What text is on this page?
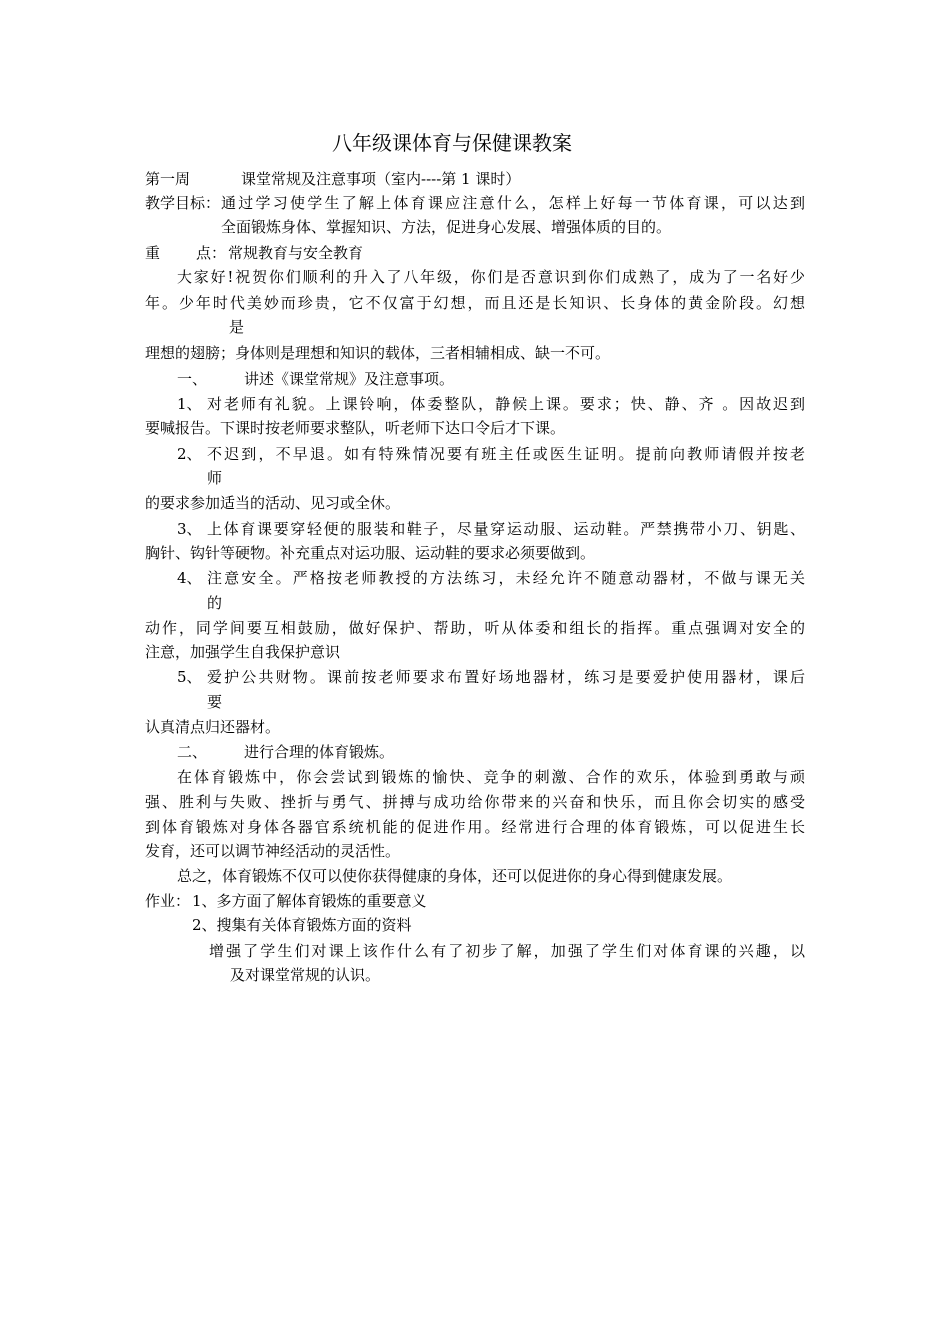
八年级课体育与保健课教案
第一周	课堂常规及注意事项（室内----第 1 课时）
教学目标： 通过学习使学生了解上体育课应注意什么，怎样上好每一节体育课，可以达到
全面锻炼身体、掌握知识、方法，促进身心发展、增强体质的目的。
重 点： 常规教育与安全教育
大家好!祝贺你们顺利的升入了八年级，你们是否意识到你们成熟了，成为了一名好少
年。少年时代美妙而珍贵，它不仅富于幻想，而且还是长知识、长身体的黄金阶段。幻想
是
理想的翅膀；身体则是理想和知识的载体，三者相辅相成、缺一不可。
一、 讲述《课堂常规》及注意事项。
1、 对老师有礼貌。上课铃响，体委整队，静候上课。要求；快、静、齐 。因故迟到
要喊报告。下课时按老师要求整队，听老师下达口令后才下课。
2、 不迟到，不早退。如有特殊情况要有班主任或医生证明。提前向教师请假并按老
师
的要求参加适当的活动、见习或全休。
3、 上体育课要穿轻便的服装和鞋子，尽量穿运动服、运动鞋。严禁携带小刀、钥匙、
胸针、钩针等硬物。补充重点对运功服、运动鞋的要求必须要做到。
4、 注意安全。严格按老师教授的方法练习，未经允许不随意动器材，不做与课无关
的
动作，同学间要互相鼓励，做好保护、帮助，听从体委和组长的指挥。重点强调对安全的
注意，加强学生自我保护意识
5、 爱护公共财物。课前按老师要求布置好场地器材，练习是要爱护使用器材，课后
要
认真清点归还器材。
二、 进行合理的体育锻炼。
在体育锻炼中，你会尝试到锻炼的愉快、竞争的刺激、合作的欢乐，体验到勇敢与顽
强、胜利与失败、挫折与勇气、拼搏与成功给你带来的兴奋和快乐，而且你会切实的感受
到体育锻炼对身体各器官系统机能的促进作用。经常进行合理的体育锻炼，可以促进生长
发育，还可以调节神经活动的灵活性。
总之，体育锻炼不仅可以使你获得健康的身体，还可以促进你的身心得到健康发展。
作业： 1、多方面了解体育锻炼的重要意义
2、搜集有关体育锻炼方面的资料
增强了学生们对课上该作什么有了初步了解，加强了学生们对体育课的兴趣，以
及对课堂常规的认识。
